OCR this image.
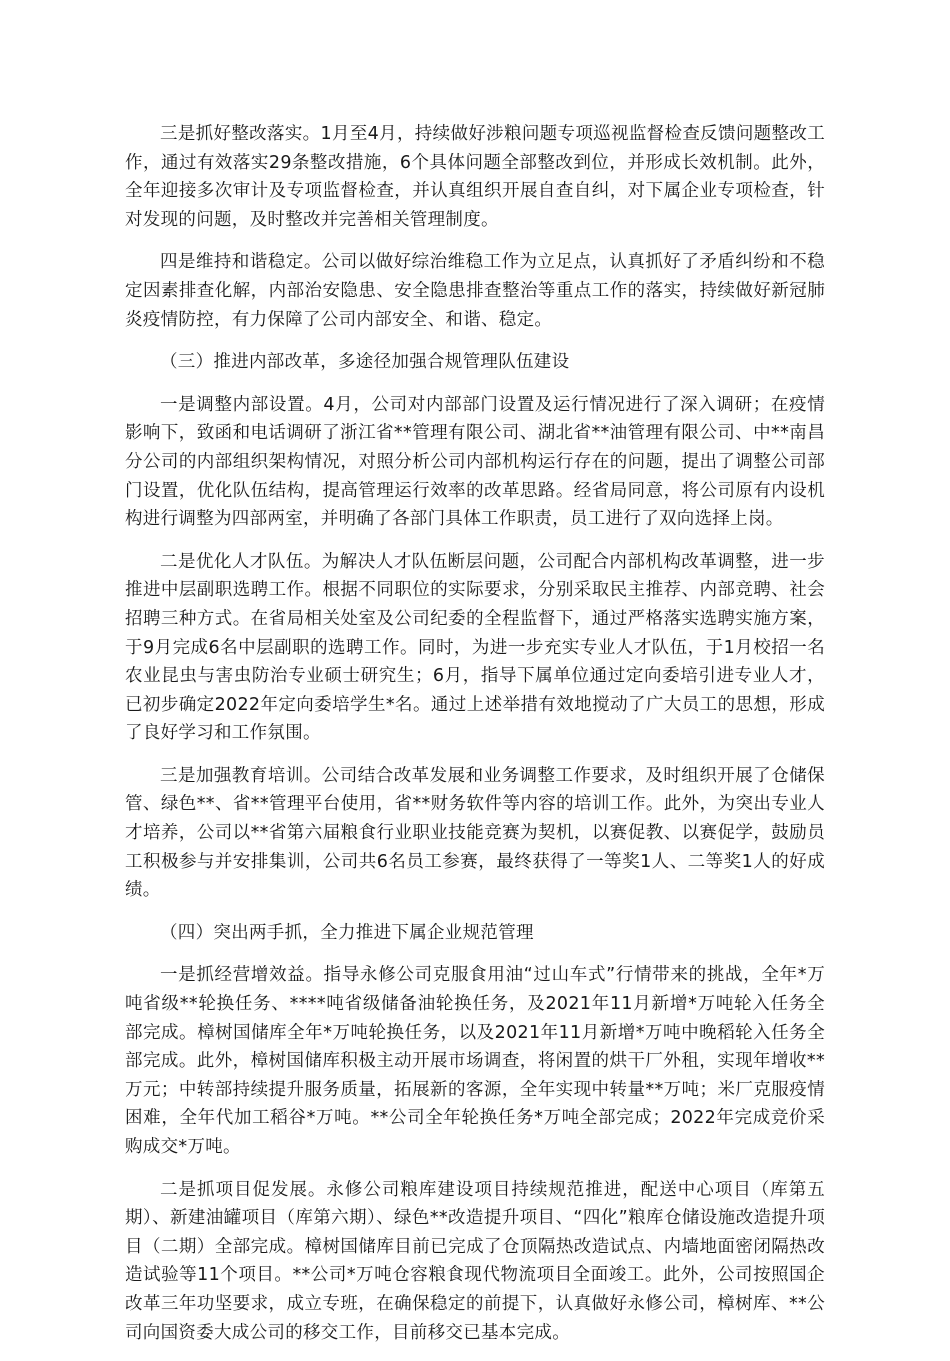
三是抓好整改落实。1月至4月，持续做好涉粮问题专项巡视监督检查反馈问题整改工作，通过有效落实29条整改措施，6个具体问题全部整改到位，并形成长效机制。此外，全年迎接多次审计及专项监督检查，并认真组织开展自查自纠，对下属企业专项检查，针对发现的问题，及时整改并完善相关管理制度。

四是维持和谐稳定。公司以做好综治维稳工作为立足点，认真抓好了矛盾纠纷和不稳定因素排查化解，内部治安隐患、安全隐患排查整治等重点工作的落实，持续做好新冠肺炎疫情防控，有力保障了公司内部安全、和谐、稳定。

（三）推进内部改革，多途径加强合规管理队伍建设

一是调整内部设置。4月，公司对内部部门设置及运行情况进行了深入调研；在疫情影响下，致函和电话调研了浙江省**管理有限公司、湖北省**油管理有限公司、中**南昌分公司的内部组织架构情况，对照分析公司内部机构运行存在的问题，提出了调整公司部门设置，优化队伍结构，提高管理运行效率的改革思路。经省局同意，将公司原有内设机构进行调整为四部两室，并明确了各部门具体工作职责，员工进行了双向选择上岗。

二是优化人才队伍。为解决人才队伍断层问题，公司配合内部机构改革调整，进一步推进中层副职选聘工作。根据不同职位的实际要求，分别采取民主推荐、内部竞聘、社会招聘三种方式。在省局相关处室及公司纪委的全程监督下，通过严格落实选聘实施方案，于9月完成6名中层副职的选聘工作。同时，为进一步充实专业人才队伍，于1月校招一名农业昆虫与害虫防治专业硕士研究生；6月，指导下属单位通过定向委培引进专业人才，已初步确定2022年定向委培学生*名。通过上述举措有效地搅动了广大员工的思想，形成了良好学习和工作氛围。

三是加强教育培训。公司结合改革发展和业务调整工作要求，及时组织开展了仓储保管、绿色**、省**管理平台使用，省**财务软件等内容的培训工作。此外，为突出专业人才培养，公司以**省第六届粮食行业职业技能竞赛为契机，以赛促教、以赛促学，鼓励员工积极参与并安排集训，公司共6名员工参赛，最终获得了一等奖1人、二等奖1人的好成绩。

（四）突出两手抓，全力推进下属企业规范管理

一是抓经营增效益。指导永修公司克服食用油“过山车式”行情带来的挑战，全年*万吨省级**轮换任务、****吨省级储备油轮换任务，及2021年11月新增*万吨轮入任务全部完成。樟树国储库全年*万吨轮换任务，以及2021年11月新增*万吨中晚稻轮入任务全部完成。此外，樟树国储库积极主动开展市场调查，将闲置的烘干厂外租，实现年增收**万元；中转部持续提升服务质量，拓展新的客源，全年实现中转量**万吨；米厂克服疫情困难，全年代加工稻谷*万吨。**公司全年轮换任务*万吨全部完成；2022年完成竞价采购成交*万吨。

二是抓项目促发展。永修公司粮库建设项目持续规范推进，配送中心项目（库第五期）、新建油罐项目（库第六期）、绿色**改造提升项目、“四化”粮库仓储设施改造提升项目（二期）全部完成。樟树国储库目前已完成了仓顶隔热改造试点、内墙地面密闭隔热改造试验等11个项目。**公司*万吨仓容粮食现代物流项目全面竣工。此外，公司按照国企改革三年功坚要求，成立专班，在确保稳定的前提下，认真做好永修公司，樟树库、**公司向国资委大成公司的移交工作，目前移交已基本完成。
